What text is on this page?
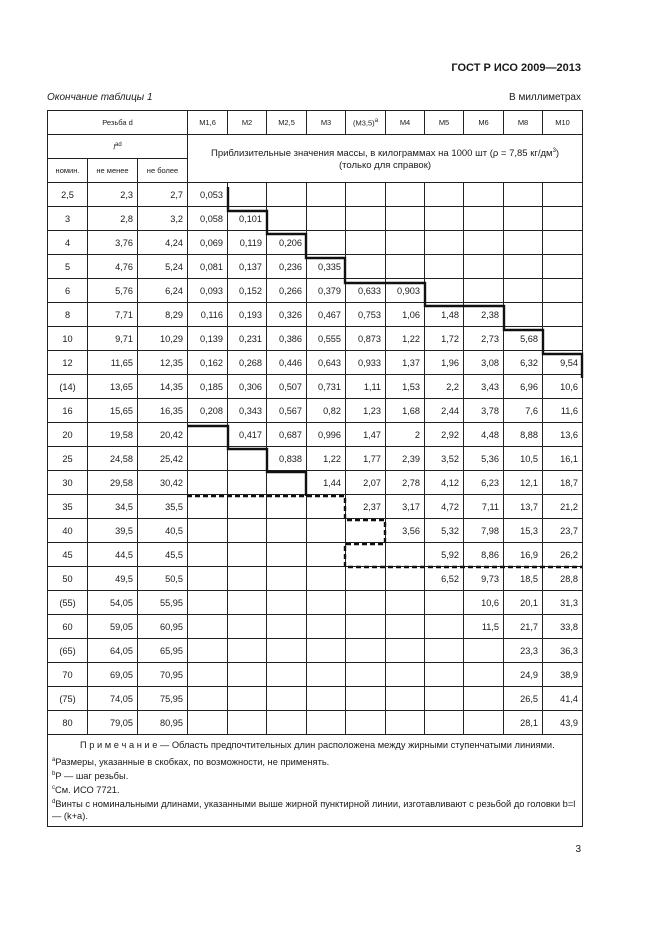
ГОСТ Р ИСО 2009—2013
Окончание таблицы 1	В миллиметрах
Резьба d			M1,6	M2	M2,5	M3	$(M3,5)^a$	M4	M5	M6	M8	M10
$l^{ad}$			Приблизительные значения массы, в килограммах на 1000 шт (ρ = 7,85 $кг/дм^3$)
(только для справок)									
номин.	не менее	не более										
2,5	2,3	2,7	0,053									
3	2,8	3,2	0,058	0,101								
4	3,76	4,24	0,069	0,119	0,206							
5	4,76	5,24	0,081	0,137	0,236	0,335						
6	5,76	6,24	0,093	0,152	0,266	0,379	0,633	0,903				
8	7,71	8,29	0,116	0,193	0,326	0,467	0,753	1,06	1,48	2,38		
10	9,71	10,29	0,139	0,231	0,386	0,555	0,873	1,22	1,72	2,73	5,68	
12	11,65	12,35	0,162	0,268	0,446	0,643	0,933	1,37	1,96	3,08	6,32	9,54
(14)	13,65	14,35	0,185	0,306	0,507	0,731	1,11	1,53	2,2	3,43	6,96	10,6
16	15,65	16,35	0,208	0,343	0,567	0,82	1,23	1,68	2,44	3,78	7,6	11,6
20	19,58	20,42		0,417	0,687	0,996	1,47	2	2,92	4,48	8,88	13,6
25	24,58	25,42			0,838	1,22	1,77	2,39	3,52	5,36	10,5	16,1
30	29,58	30,42				1,44	2,07	2,78	4,12	6,23	12,1	18,7
35	34,5	35,5					2,37	3,17	4,72	7,11	13,7	21,2
40	39,5	40,5						3,56	5,32	7,98	15,3	23,7
45	44,5	45,5							5,92	8,86	16,9	26,2
50	49,5	50,5							6,52	9,73	18,5	28,8
(55)	54,05	55,95								10,6	20,1	31,3
60	59,05	60,95								11,5	21,7	33,8
(65)	64,05	65,95									23,3	36,3
70	69,05	70,95									24,9	38,9
(75)	74,05	75,95									26,5	41,4
80	79,05	80,95									28,1	43,9

П р и м е ч а н и е — Область предпочтительных длин расположена между жирными ступенчатыми линиями.
$^a$Размеры, указанные в скобках, по возможности, не применять.
$^b$P — шаг резьбы.
$^c$См. ИСО 7721.
$^d$Винты с номинальными длинами, указанными выше жирной пунктирной линии, изготавливают с резьбой до головки b=l — (k+a).												
3
